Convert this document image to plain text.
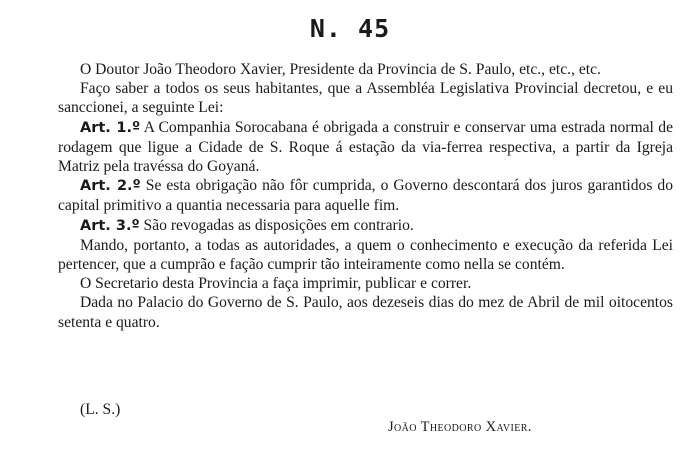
N. 45

O Doutor João Theodoro Xavier, Presidente da Provincia de S. Paulo, etc., etc., etc.

Faço saber a todos os seus habitantes, que a Assembléa Legislativa Provincial decretou, e eu sanccionei, a seguinte Lei:

Art. 1.º A Companhia Sorocabana é obrigada a construir e conservar uma estrada normal de rodagem que ligue a Cidade de S. Roque á estação da via-ferrea respectiva, a partir da Igreja Matriz pela travéssa do Goyaná.

Art. 2.º Se esta obrigação não fôr cumprida, o Governo descontará dos juros garantidos do capital primitivo a quantia necessaria para aquelle fim.

Art. 3.º São revogadas as disposições em contrario.

Mando, portanto, a todas as autoridades, a quem o conhecimento e execução da referida Lei pertencer, que a cumprão e fação cumprir tão inteiramente como nella se contém.

O Secretario desta Provincia a faça imprimir, publicar e correr.

Dada no Palacio do Governo de S. Paulo, aos dezeseis dias do mez de Abril de mil oitocentos setenta e quatro.

(L. S.)
João Theodoro Xavier.
